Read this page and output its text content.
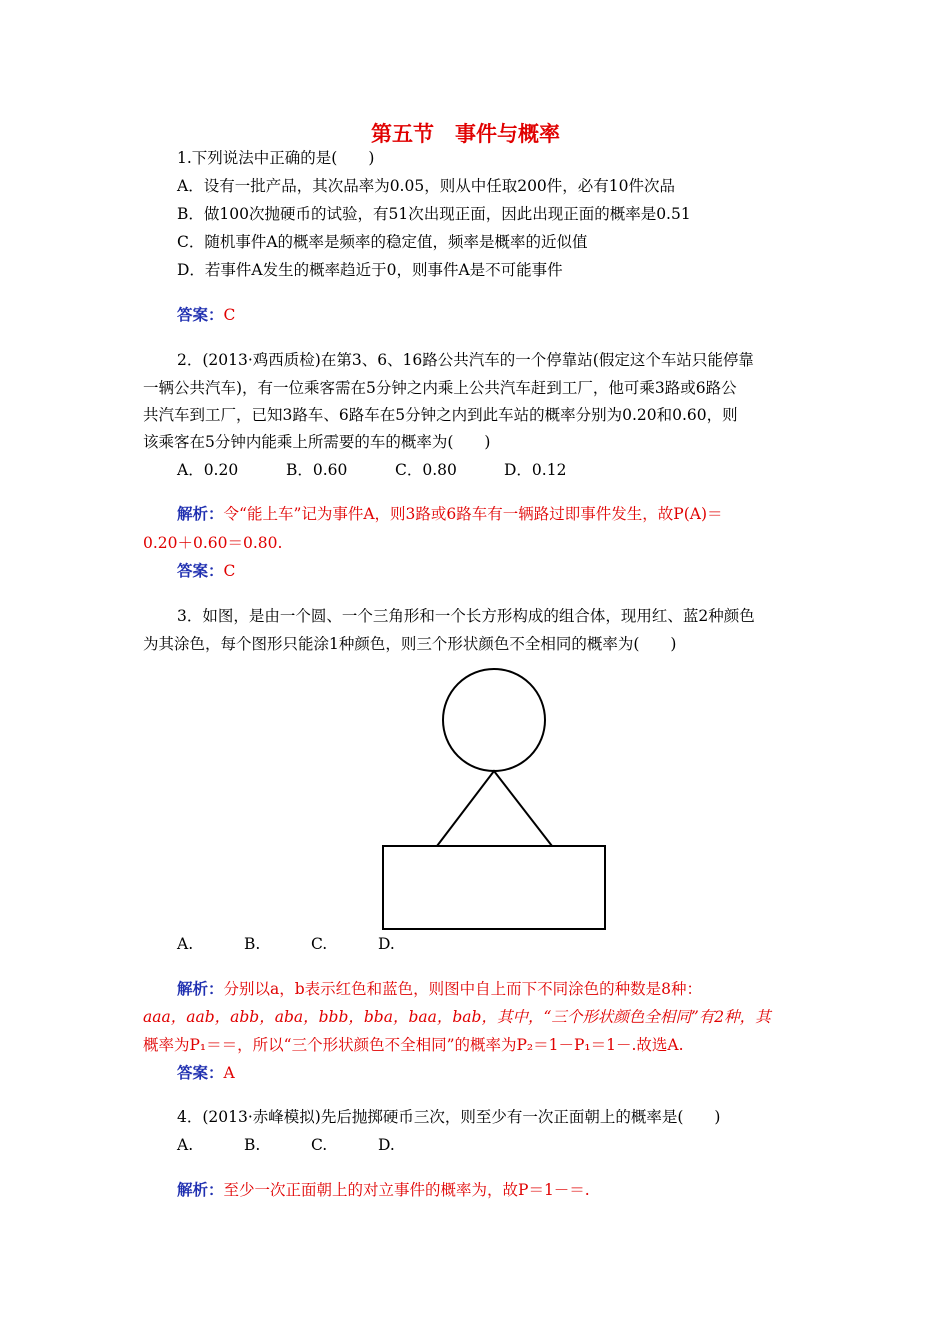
第五节　事件与概率
1.下列说法中正确的是(　　)
A．设有一批产品，其次品率为0.05，则从中任取200件，必有10件次品
B．做100次抛硬币的试验，有51次出现正面，因此出现正面的概率是0.51
C．随机事件A的概率是频率的稳定值，频率是概率的近似值
D．若事件A发生的概率趋近于0，则事件A是不可能事件
答案：C
2．(2013·鸡西质检)在第3、6、16路公共汽车的一个停靠站(假定这个车站只能停靠
一辆公共汽车)，有一位乘客需在5分钟之内乘上公共汽车赶到工厂，他可乘3路或6路公
共汽车到工厂，已知3路车、6路车在5分钟之内到此车站的概率分别为0.20和0.60，则
该乘客在5分钟内能乘上所需要的车的概率为(　　)
A．0.20	B．0.60	C．0.80	D．0.12
解析：令“能上车”记为事件A，则3路或6路车有一辆路过即事件发生，故P(A)＝
0.20＋0.60＝0.80.
答案：C
3．如图，是由一个圆、一个三角形和一个长方形构成的组合体，现用红、蓝2种颜色
为其涂色，每个图形只能涂1种颜色，则三个形状颜色不全相同的概率为(　　)
A.	B.	C.	D.
解析：分别以a，b表示红色和蓝色，则图中自上而下不同涂色的种数是8种：
aaa，aab，abb，aba，bbb，bba，baa，bab，其中，“三个形状颜色全相同”有2种，其
概率为P₁＝＝，所以“三个形状颜色不全相同”的概率为P₂＝1－P₁＝1－.故选A.
答案：A
4．(2013·赤峰模拟)先后抛掷硬币三次，则至少有一次正面朝上的概率是(　　)
A.	B.	C.	D.
解析：至少一次正面朝上的对立事件的概率为，故P＝1－＝.
